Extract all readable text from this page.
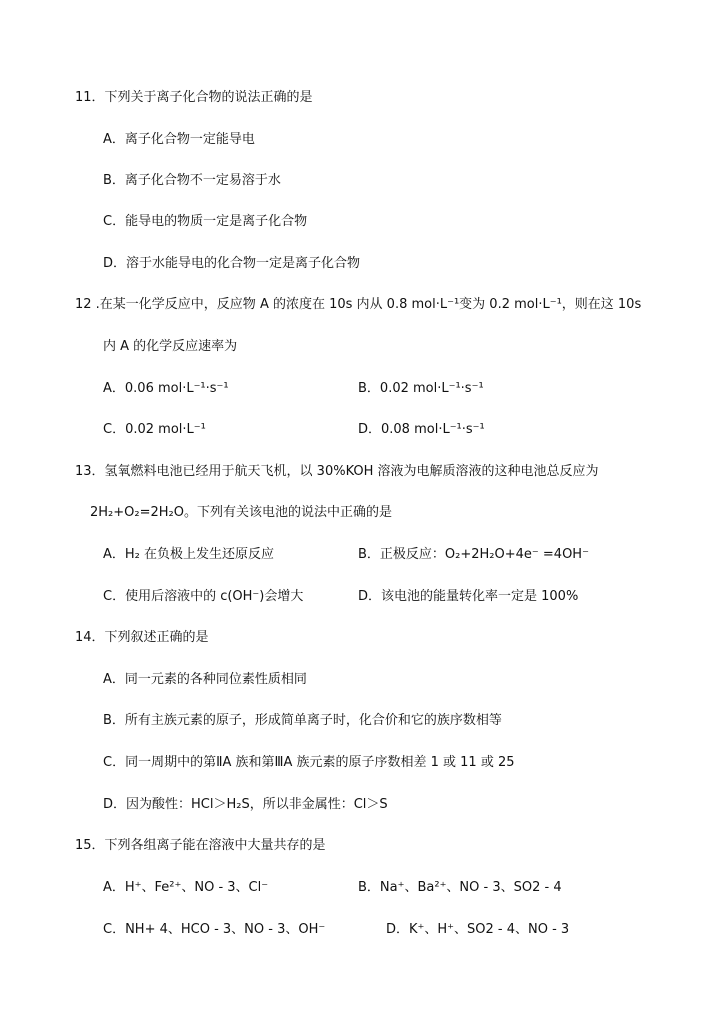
11．下列关于离子化合物的说法正确的是
A．离子化合物一定能导电
B．离子化合物不一定易溶于水
C．能导电的物质一定是离子化合物
D．溶于水能导电的化合物一定是离子化合物
12 .在某一化学反应中，反应物 A 的浓度在 10s 内从 0.8 mol·L⁻¹变为 0.2 mol·L⁻¹，则在这 10s
内 A 的化学反应速率为
A．0.06 mol·L⁻¹·s⁻¹	B．0.02 mol·L⁻¹·s⁻¹
C．0.02 mol·L⁻¹	D．0.08 mol·L⁻¹·s⁻¹
13．氢氧燃料电池已经用于航天飞机，以 30%KOH 溶液为电解质溶液的这种电池总反应为
2H₂+O₂=2H₂O。下列有关该电池的说法中正确的是
A．H₂ 在负极上发生还原反应	B．正极反应：O₂+2H₂O+4e⁻ =4OH⁻
C．使用后溶液中的 c(OH⁻)会增大	D．该电池的能量转化率一定是 100%
14．下列叙述正确的是
A．同一元素的各种同位素性质相同
B．所有主族元素的原子，形成简单离子时，化合价和它的族序数相等
C．同一周期中的第ⅡA 族和第ⅢA 族元素的原子序数相差 1 或 11 或 25
D．因为酸性：HCl＞H₂S，所以非金属性：Cl＞S
15．下列各组离子能在溶液中大量共存的是
A．H⁺、Fe²⁺、NO - 3、Cl⁻	B．Na⁺、Ba²⁺、NO - 3、SO2 - 4
C．NH+ 4、HCO - 3、NO - 3、OH⁻	D．K⁺、H⁺、SO2 - 4、NO - 3
